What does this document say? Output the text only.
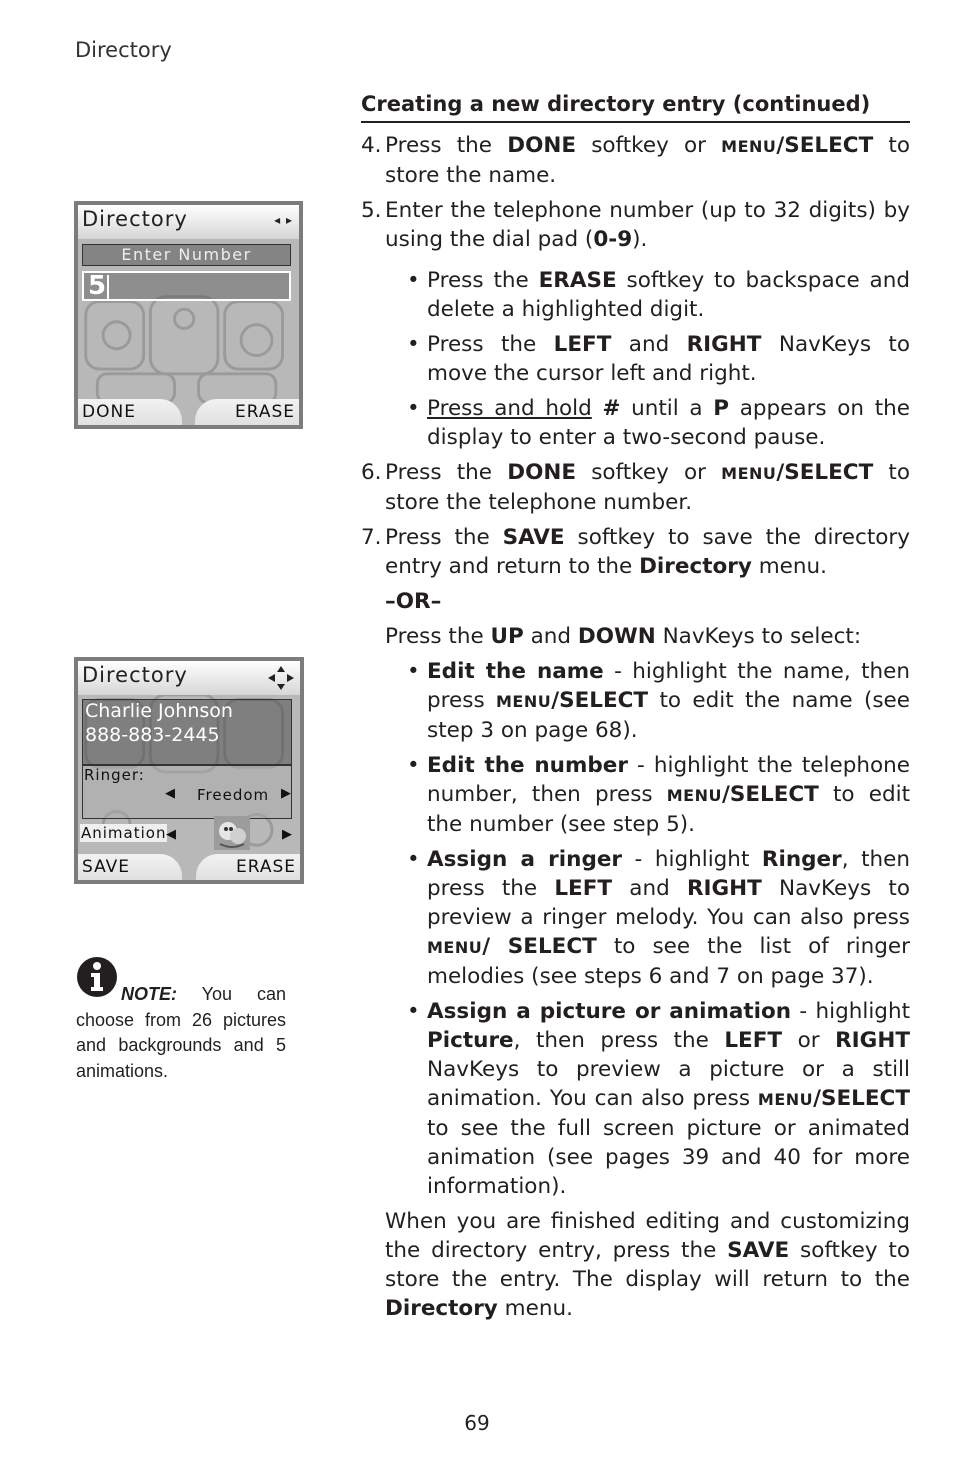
Directory
Directory	◂ ▸
Enter Number
5
DONE	ERASE
Directory
Charlie Johnson
888-883-2445
Ringer:
◀ Freedom ▶
Animation ◀	▶
SAVE	ERASE
NOTE: You can choose from 26 pictures and backgrounds and 5 animations.
Creating a new directory entry (continued)
4. Press the DONE softkey or MENU/SELECT to store the name.
5. Enter the telephone number (up to 32 digits) by using the dial pad (0-9).
• Press the ERASE softkey to backspace and delete a highlighted digit.
• Press the LEFT and RIGHT NavKeys to move the cursor left and right.
• Press and hold # until a P appears on the display to enter a two-second pause.
6. Press the DONE softkey or MENU/SELECT to store the telephone number.
7. Press the SAVE softkey to save the directory entry and return to the Directory menu.
–OR–
Press the UP and DOWN NavKeys to select:
• Edit the name - highlight the name, then press MENU/SELECT to edit the name (see step 3 on page 68).
• Edit the number - highlight the telephone number, then press MENU/SELECT to edit the number (see step 5).
• Assign a ringer - highlight Ringer, then press the LEFT and RIGHT NavKeys to preview a ringer melody. You can also press MENU/ SELECT to see the list of ringer melodies (see steps 6 and 7 on page 37).
• Assign a picture or animation - highlight Picture, then press the LEFT or RIGHT NavKeys to preview a picture or a still animation. You can also press MENU/SELECT to see the full screen picture or animated animation (see pages 39 and 40 for more information).
When you are finished editing and customizing the directory entry, press the SAVE softkey to store the entry. The display will return to the Directory menu.
69
